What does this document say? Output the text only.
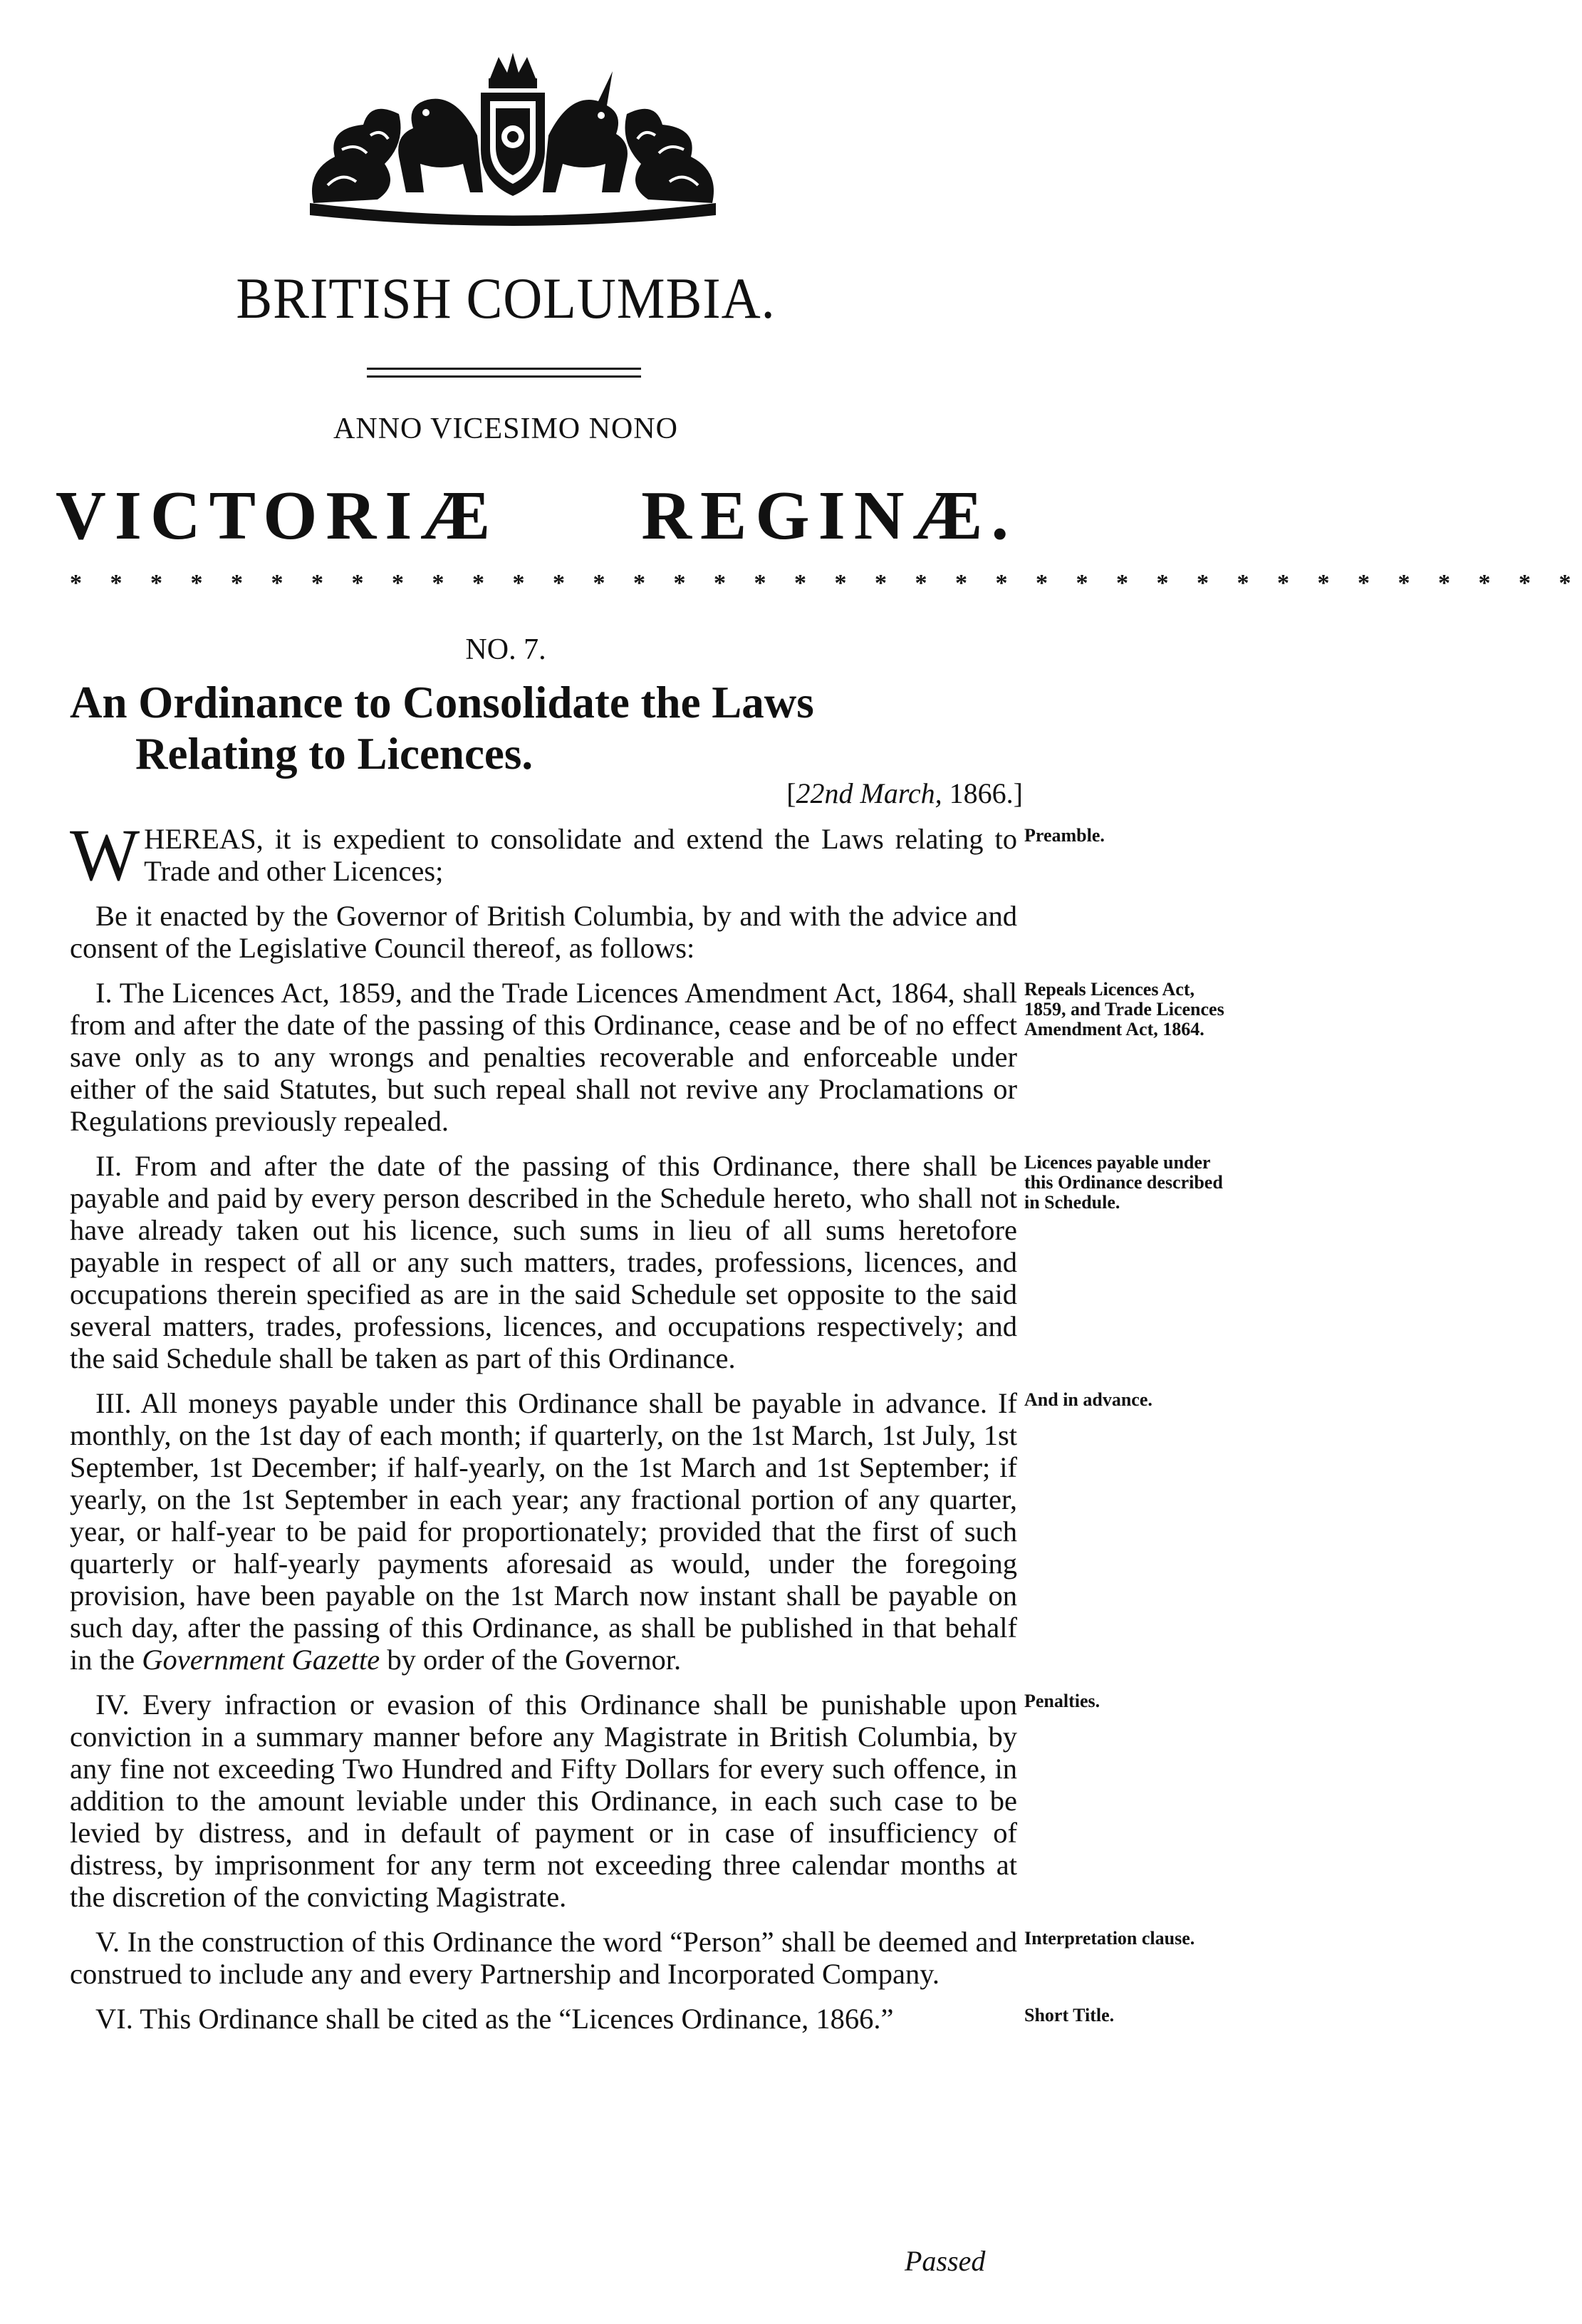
BRITISH COLUMBIA.
ANNO VICESIMO NONO
VICTORIÆ REGINÆ.
* * * * * * * * * * * * * * * * * * * * * * * * * * * * * * * * * * * * * *
NO. 7.
An Ordinance to Consolidate the Laws
Relating to Licences.
[22nd March, 1866.]
W HEREAS, it is expedient to consolidate and extend the Laws relating to Trade and other Licences;
Preamble.
Be it enacted by the Governor of British Columbia, by and with the advice and consent of the Legislative Council thereof, as follows:
I. The Licences Act, 1859, and the Trade Licences Amendment Act, 1864, shall from and after the date of the passing of this Ordinance, cease and be of no effect save only as to any wrongs and penalties recoverable and enforceable under either of the said Statutes, but such repeal shall not revive any Proclamations or Regulations previously repealed.
Repeals Licences Act, 1859, and Trade Licences Amendment Act, 1864.
II. From and after the date of the passing of this Ordinance, there shall be payable and paid by every person described in the Schedule hereto, who shall not have already taken out his licence, such sums in lieu of all sums heretofore payable in respect of all or any such matters, trades, professions, licences, and occupations therein specified as are in the said Schedule set opposite to the said several matters, trades, professions, licences, and occupations respectively; and the said Schedule shall be taken as part of this Ordinance.
Licences payable under this Ordinance described in Schedule.
III. All moneys payable under this Ordinance shall be payable in advance. If monthly, on the 1st day of each month; if quarterly, on the 1st March, 1st July, 1st September, 1st December; if half-yearly, on the 1st March and 1st September; if yearly, on the 1st September in each year; any fractional portion of any quarter, year, or half-year to be paid for proportionately; provided that the first of such quarterly or half-yearly payments aforesaid as would, under the foregoing provision, have been payable on the 1st March now instant shall be payable on such day, after the passing of this Ordinance, as shall be published in that behalf in the Government Gazette by order of the Governor.
And in advance.
IV. Every infraction or evasion of this Ordinance shall be punishable upon conviction in a summary manner before any Magistrate in British Columbia, by any fine not exceeding Two Hundred and Fifty Dollars for every such offence, in addition to the amount leviable under this Ordinance, in each such case to be levied by distress, and in default of payment or in case of insufficiency of distress, by imprisonment for any term not exceeding three calendar months at the discretion of the convicting Magistrate.
Penalties.
V. In the construction of this Ordinance the word “Person” shall be deemed and construed to include any and every Partnership and Incorporated Company.
Interpretation clause.
VI. This Ordinance shall be cited as the “Licences Ordinance, 1866.”	Short Title.
Passed
